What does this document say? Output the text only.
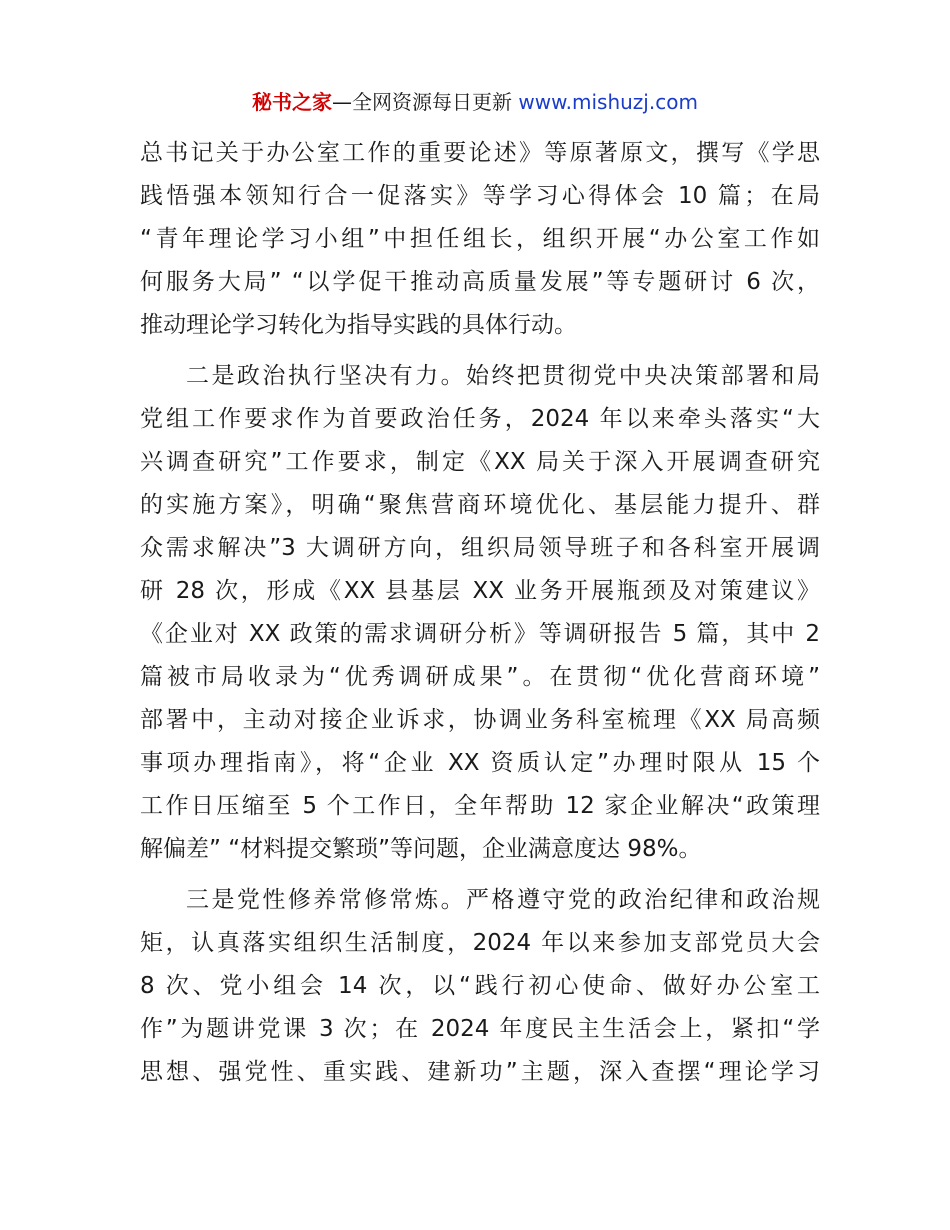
秘书之家—全网资源每日更新 www.mishuzj.com
总书记关于办公室工作的重要论述》等原著原文，撰写《学思
践悟强本领知行合一促落实》等学习心得体会 10 篇；在局
“青年理论学习小组”中担任组长，组织开展“办公室工作如
何服务大局” “以学促干推动高质量发展”等专题研讨 6 次，
推动理论学习转化为指导实践的具体行动。
二是政治执行坚决有力。始终把贯彻党中央决策部署和局
党组工作要求作为首要政治任务，2024 年以来牵头落实“大
兴调查研究”工作要求，制定《XX 局关于深入开展调查研究
的实施方案》，明确“聚焦营商环境优化、基层能力提升、群
众需求解决”3 大调研方向，组织局领导班子和各科室开展调
研 28 次，形成《XX 县基层 XX 业务开展瓶颈及对策建议》
《企业对 XX 政策的需求调研分析》等调研报告 5 篇，其中 2
篇被市局收录为“优秀调研成果”。在贯彻“优化营商环境”
部署中，主动对接企业诉求，协调业务科室梳理《XX 局高频
事项办理指南》，将“企业 XX 资质认定”办理时限从 15 个
工作日压缩至 5 个工作日，全年帮助 12 家企业解决“政策理
解偏差” “材料提交繁琐”等问题，企业满意度达 98%。
三是党性修养常修常炼。严格遵守党的政治纪律和政治规
矩，认真落实组织生活制度，2024 年以来参加支部党员大会
8 次、党小组会 14 次，以“践行初心使命、做好办公室工
作”为题讲党课 3 次；在 2024 年度民主生活会上，紧扣“学
思想、强党性、重实践、建新功”主题，深入查摆“理论学习
